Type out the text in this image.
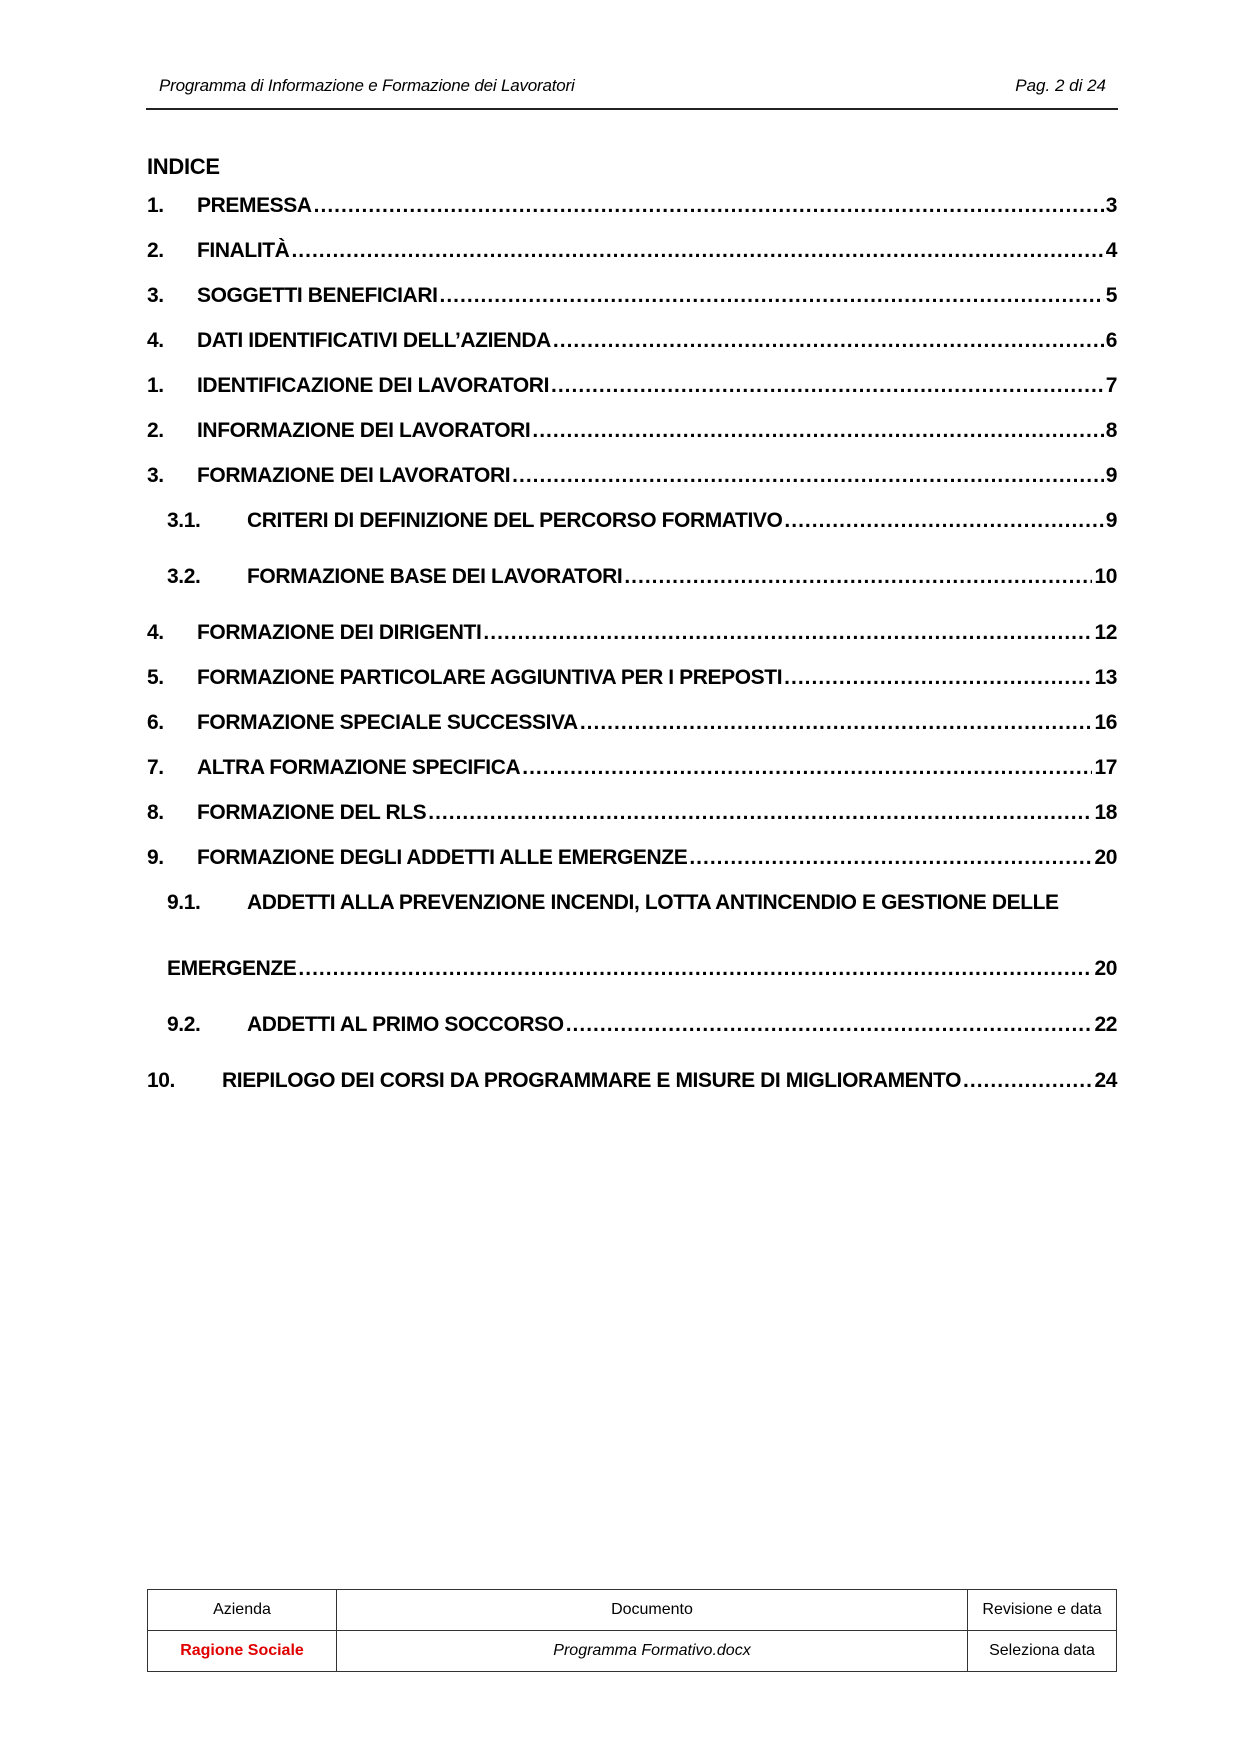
Programma di Informazione e Formazione dei Lavoratori	Pag. 2 di 24
INDICE
1. PREMESSA .....	3
2. FINALITÀ .....	4
3. SOGGETTI BENEFICIARI .....	5
4. DATI IDENTIFICATIVI DELL’AZIENDA .....	6
1. IDENTIFICAZIONE DEI LAVORATORI .....	7
2. INFORMAZIONE DEI LAVORATORI .....	8
3. FORMAZIONE DEI LAVORATORI .....	9
3.1. CRITERI DI DEFINIZIONE DEL PERCORSO FORMATIVO .....	9
3.2. FORMAZIONE BASE DEI LAVORATORI .....	10
4. FORMAZIONE DEI DIRIGENTI .....	12
5. FORMAZIONE PARTICOLARE AGGIUNTIVA PER I PREPOSTI .....	13
6. FORMAZIONE SPECIALE SUCCESSIVA .....	16
7. ALTRA FORMAZIONE SPECIFICA .....	17
8. FORMAZIONE DEL RLS .....	18
9. FORMAZIONE DEGLI ADDETTI ALLE EMERGENZE .....	20
9.1. ADDETTI ALLA PREVENZIONE INCENDI, LOTTA ANTINCENDIO E GESTIONE DELLE
EMERGENZE .....	20
9.2. ADDETTI AL PRIMO SOCCORSO .....	22
10. RIEPILOGO DEI CORSI DA PROGRAMMARE E MISURE DI MIGLIORAMENTO .....	24
Azienda	Documento	Revisione e data
Ragione Sociale	Programma Formativo.docx	Seleziona data
